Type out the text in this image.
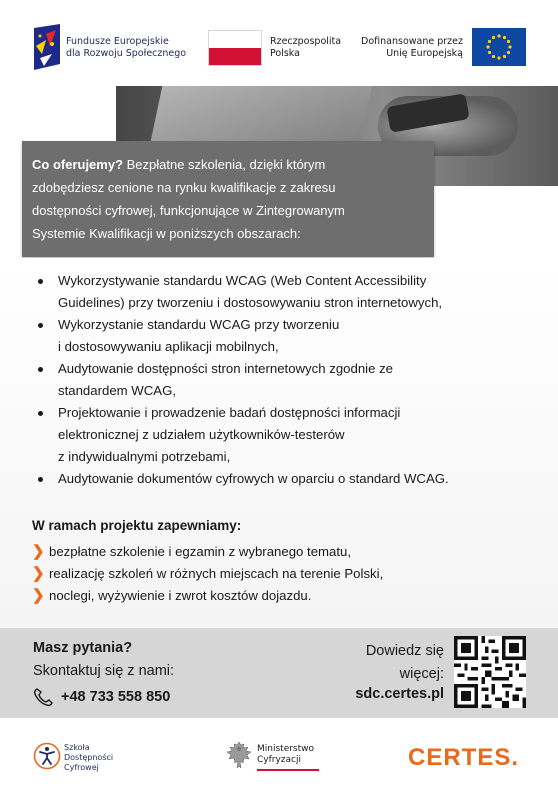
Fundusze Europejskie
dla Rozwoju Społecznego
Rzeczpospolita
Polska
Dofinansowane przez
Unię Europejską
Co oferujemy? Bezpłatne szkolenia, dzięki którym
zdobędziesz cenione na rynku kwalifikacje z zakresu
dostępności cyfrowej, funkcjonujące w Zintegrowanym
Systemie Kwalifikacji w poniższych obszarach:
Wykorzystywanie standardu WCAG (Web Content Accessibility
Guidelines) przy tworzeniu i dostosowywaniu stron internetowych,
Wykorzystanie standardu WCAG przy tworzeniu
i dostosowywaniu aplikacji mobilnych,
Audytowanie dostępności stron internetowych zgodnie ze
standardem WCAG,
Projektowanie i prowadzenie badań dostępności informacji
elektronicznej z udziałem użytkowników-testerów
z indywidualnymi potrzebami,
Audytowanie dokumentów cyfrowych w oparciu o standard WCAG.
W ramach projektu zapewniamy:
❯ bezpłatne szkolenie i egzamin z wybranego tematu,
❯ realizację szkoleń w różnych miejscach na terenie Polski,
❯ noclegi, wyżywienie i zwrot kosztów dojazdu.
Masz pytania?
Skontaktuj się z nami:
+48 733 558 850
Dowiedz się
więcej:
sdc.certes.pl
Szkoła
Dostępności
Cyfrowej
Ministerstwo
Cyfryzacji	CERTES.
